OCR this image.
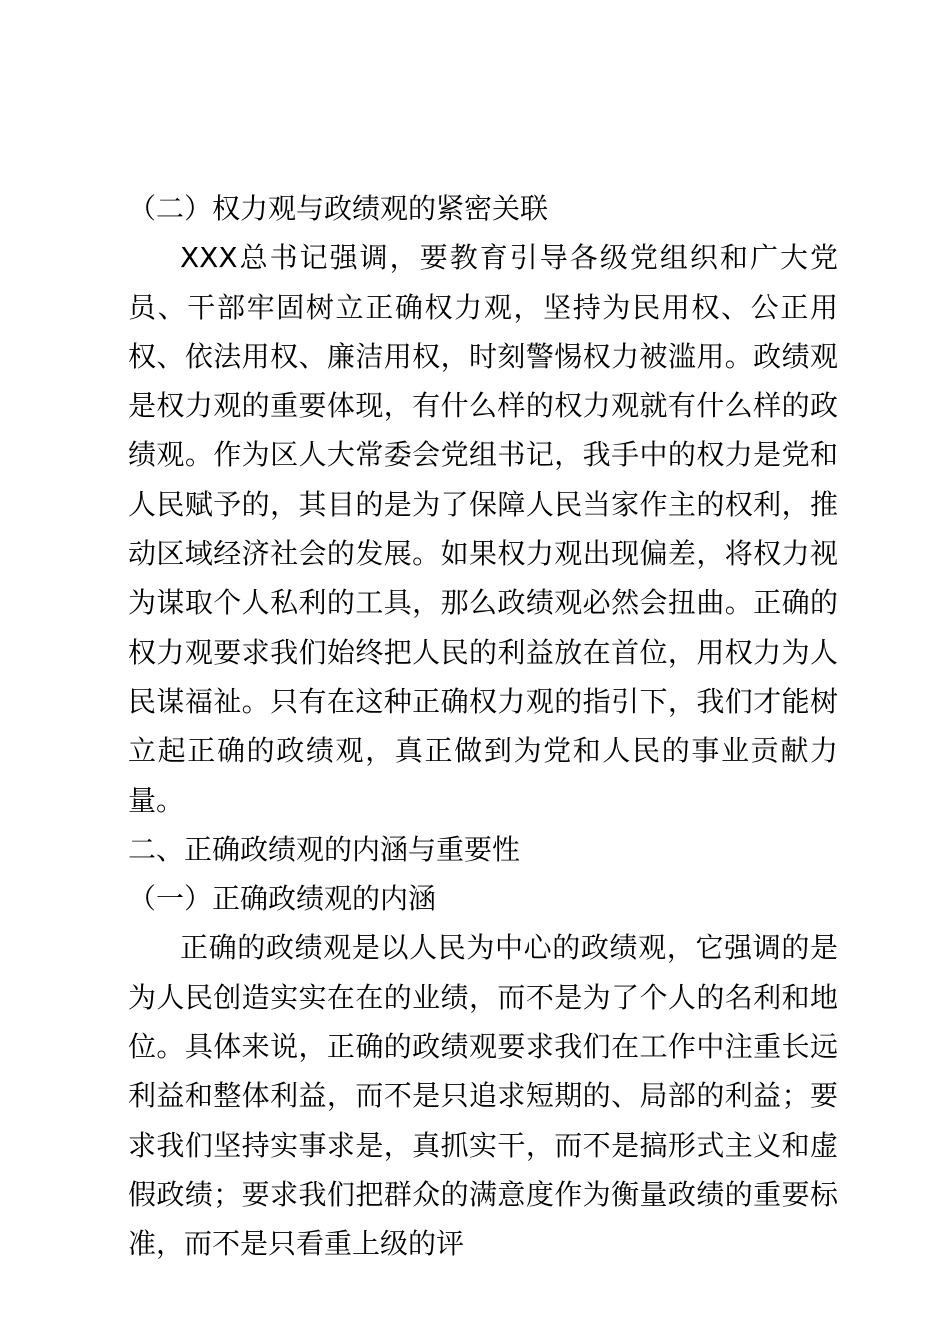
（二）权力观与政绩观的紧密关联

XXX总书记强调，要教育引导各级党组织和广大党员、干部牢固树立正确权力观，坚持为民用权、公正用权、依法用权、廉洁用权，时刻警惕权力被滥用。政绩观是权力观的重要体现，有什么样的权力观就有什么样的政绩观。作为区人大常委会党组书记，我手中的权力是党和人民赋予的，其目的是为了保障人民当家作主的权利，推动区域经济社会的发展。如果权力观出现偏差，将权力视为谋取个人私利的工具，那么政绩观必然会扭曲。正确的权力观要求我们始终把人民的利益放在首位，用权力为人民谋福祉。只有在这种正确权力观的指引下，我们才能树立起正确的政绩观，真正做到为党和人民的事业贡献力量。

二、正确政绩观的内涵与重要性

（一）正确政绩观的内涵

正确的政绩观是以人民为中心的政绩观，它强调的是为人民创造实实在在的业绩，而不是为了个人的名利和地位。具体来说，正确的政绩观要求我们在工作中注重长远利益和整体利益，而不是只追求短期的、局部的利益；要求我们坚持实事求是，真抓实干，而不是搞形式主义和虚假政绩；要求我们把群众的满意度作为衡量政绩的重要标准，而不是只看重上级的评
